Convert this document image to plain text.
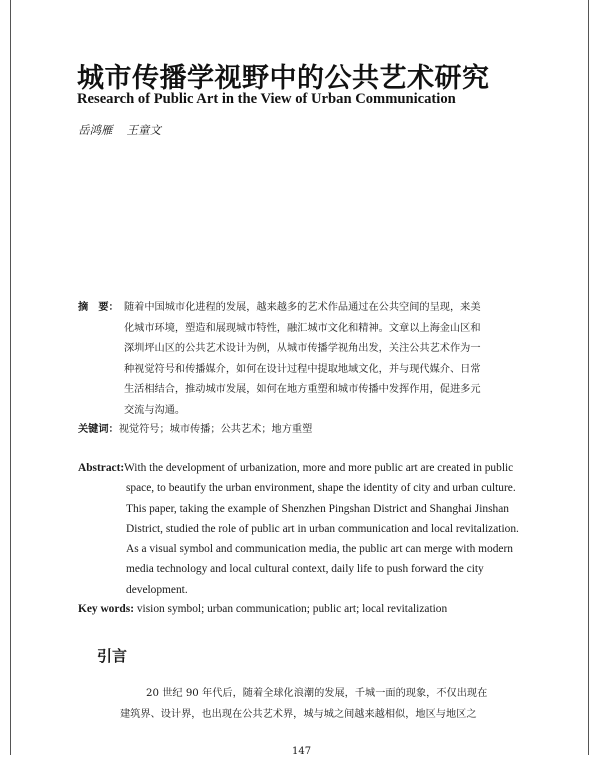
城市传播学视野中的公共艺术研究
Research of Public Art in the View of Urban Communication
岳鸿雁 王童文
摘　要： 随着中国城市化进程的发展，越来越多的艺术作品通过在公共空间的呈现，来美
化城市环境，塑造和展现城市特性，融汇城市文化和精神。文章以上海金山区和
深圳坪山区的公共艺术设计为例，从城市传播学视角出发，关注公共艺术作为一
种视觉符号和传播媒介，如何在设计过程中提取地域文化，并与现代媒介、日常
生活相结合，推动城市发展，如何在地方重塑和城市传播中发挥作用，促进多元
交流与沟通。
关键词：视觉符号；城市传播；公共艺术；地方重塑
Abstract: With the development of urbanization, more and more public art are created in public
space, to beautify the urban environment, shape the identity of city and urban culture.
This paper, taking the example of Shenzhen Pingshan District and Shanghai Jinshan
District, studied the role of public art in urban communication and local revitalization.
As a visual symbol and communication media, the public art can merge with modern
media technology and local cultural context, daily life to push forward the city
development.
Key words: vision symbol; urban communication; public art; local revitalization
引言
20 世纪 90 年代后，随着全球化浪潮的发展，千城一面的现象，不仅出现在
建筑界、设计界，也出现在公共艺术界，城与城之间越来越相似，地区与地区之
147
